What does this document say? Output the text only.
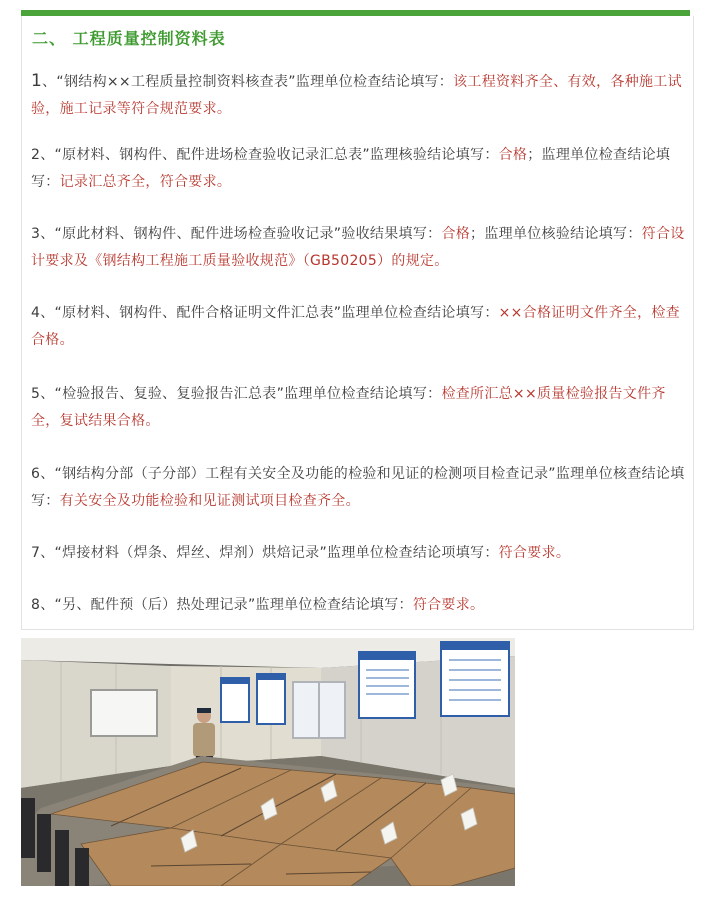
二、 工程质量控制资料表

1、“钢结构××工程质量控制资料核查表”监理单位检查结论填写：该工程资料齐全、有效，各种施工试验，施工记录等符合规范要求。

2、“原材料、钢构件、配件进场检查验收记录汇总表”监理核验结论填写：合格；监理单位检查结论填写：记录汇总齐全，符合要求。

3、“原此材料、钢构件、配件进场检查验收记录”验收结果填写：合格；监理单位核验结论填写：符合设计要求及《钢结构工程施工质量验收规范》（GB50205）的规定。

4、“原材料、钢构件、配件合格证明文件汇总表”监理单位检查结论填写：××合格证明文件齐全，检查合格。

5、“检验报告、复验、复验报告汇总表”监理单位检查结论填写：检查所汇总××质量检验报告文件齐全，复试结果合格。

6、“钢结构分部（子分部）工程有关安全及功能的检验和见证的检测项目检查记录”监理单位核查结论填写：有关安全及功能检验和见证测试项目检查齐全。

7、“焊接材料（焊条、焊丝、焊剂）烘焙记录”监理单位检查结论项填写：符合要求。

8、“另、配件预（后）热处理记录”监理单位检查结论填写：符合要求。
